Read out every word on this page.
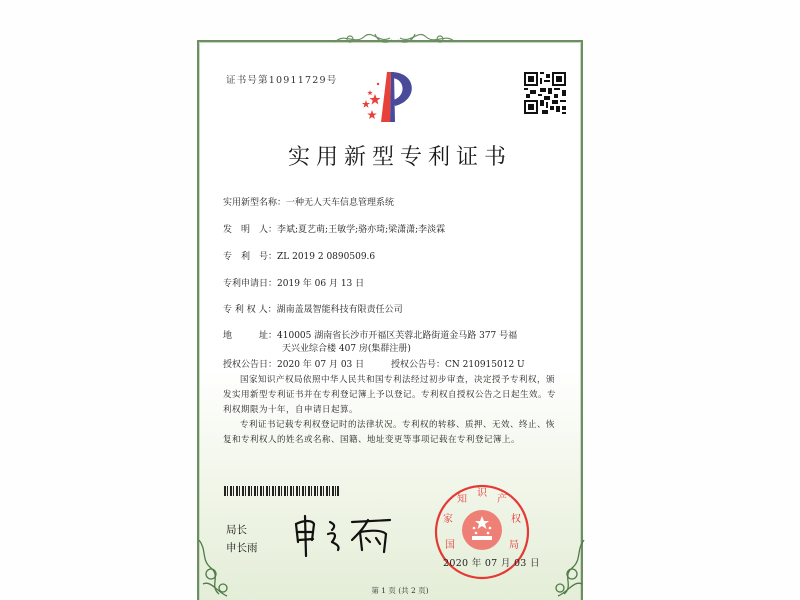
证书号第10911729号
实用新型专利证书
实用新型名称：一种无人天车信息管理系统
发　明　人：李斌;夏艺萌;王敏学;骆亦琦;梁潇潇;李淡霖
专　利　号：ZL 2019 2 0890509.6
专利申请日：2019 年 06 月 13 日
专 利 权 人：湖南盖晟智能科技有限责任公司
地　　　址：410005 湖南省长沙市开福区芙蓉北路街道金马路 377 号福
天兴业综合楼 407 房(集群注册)
授权公告日：2020 年 07 月 03 日	授权公告号：CN 210915012 U
国家知识产权局依照中华人民共和国专利法经过初步审查，决定授予专利权，颁发实用新型专利证书并在专利登记簿上予以登记。专利权自授权公告之日起生效。专利权期限为十年，自申请日起算。
专利证书记载专利权登记时的法律状况。专利权的转移、质押、无效、终止、恢复和专利权人的姓名或名称、国籍、地址变更等事项记载在专利登记簿上。
局长
申长雨	国
家
知
识
产
权
局
2020 年 07 月 03 日
第 1 页 (共 2 页)
